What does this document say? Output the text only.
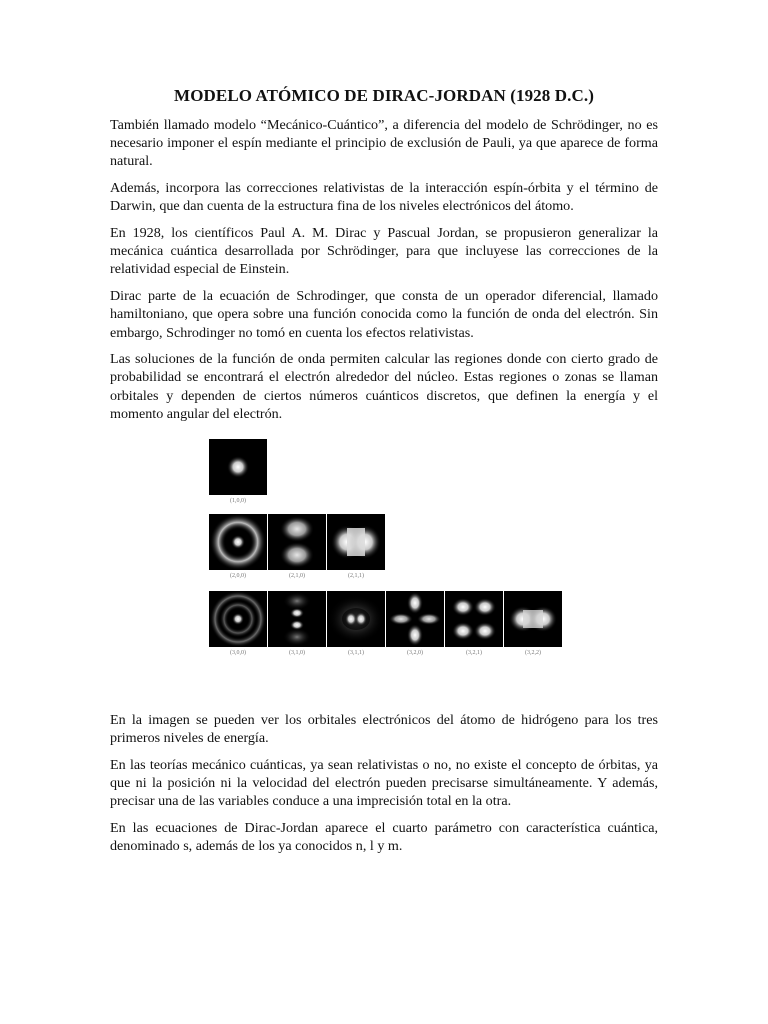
MODELO ATÓMICO DE DIRAC-JORDAN (1928 D.C.)

También llamado modelo “Mecánico-Cuántico”, a diferencia del modelo de Schrödinger, no es necesario imponer el espín mediante el principio de exclusión de Pauli, ya que aparece de forma natural.

Además, incorpora las correcciones relativistas de la interacción espín-órbita y el término de Darwin, que dan cuenta de la estructura fina de los niveles electrónicos del átomo.

En 1928, los científicos Paul A. M. Dirac y Pascual Jordan, se propusieron generalizar la mecánica cuántica desarrollada por Schrödinger, para que incluyese las correcciones de la relatividad especial de Einstein.

Dirac parte de la ecuación de Schrodinger, que consta de un operador diferencial, llamado hamiltoniano, que opera sobre una función conocida como la función de onda del electrón. Sin embargo, Schrodinger no tomó en cuenta los efectos relativistas.

Las soluciones de la función de onda permiten calcular las regiones donde con cierto grado de probabilidad se encontrará el electrón alrededor del núcleo. Estas regiones o zonas se llaman orbitales y dependen de ciertos números cuánticos discretos, que definen la energía y el momento angular del electrón.

(1,0,0)
(2,0,0)	(2,1,0)	(2,1,1)
(3,0,0)	(3,1,0)	(3,1,1)	(3,2,0)	(3,2,1)	(3,2,2)

En la imagen se pueden ver los orbitales electrónicos del átomo de hidrógeno para los tres primeros niveles de energía.

En las teorías mecánico cuánticas, ya sean relativistas o no, no existe el concepto de órbitas, ya que ni la posición ni la velocidad del electrón pueden precisarse simultáneamente. Y además, precisar una de las variables conduce a una imprecisión total en la otra.

En las ecuaciones de Dirac-Jordan aparece el cuarto parámetro con característica cuántica, denominado s, además de los ya conocidos n, l y m.
